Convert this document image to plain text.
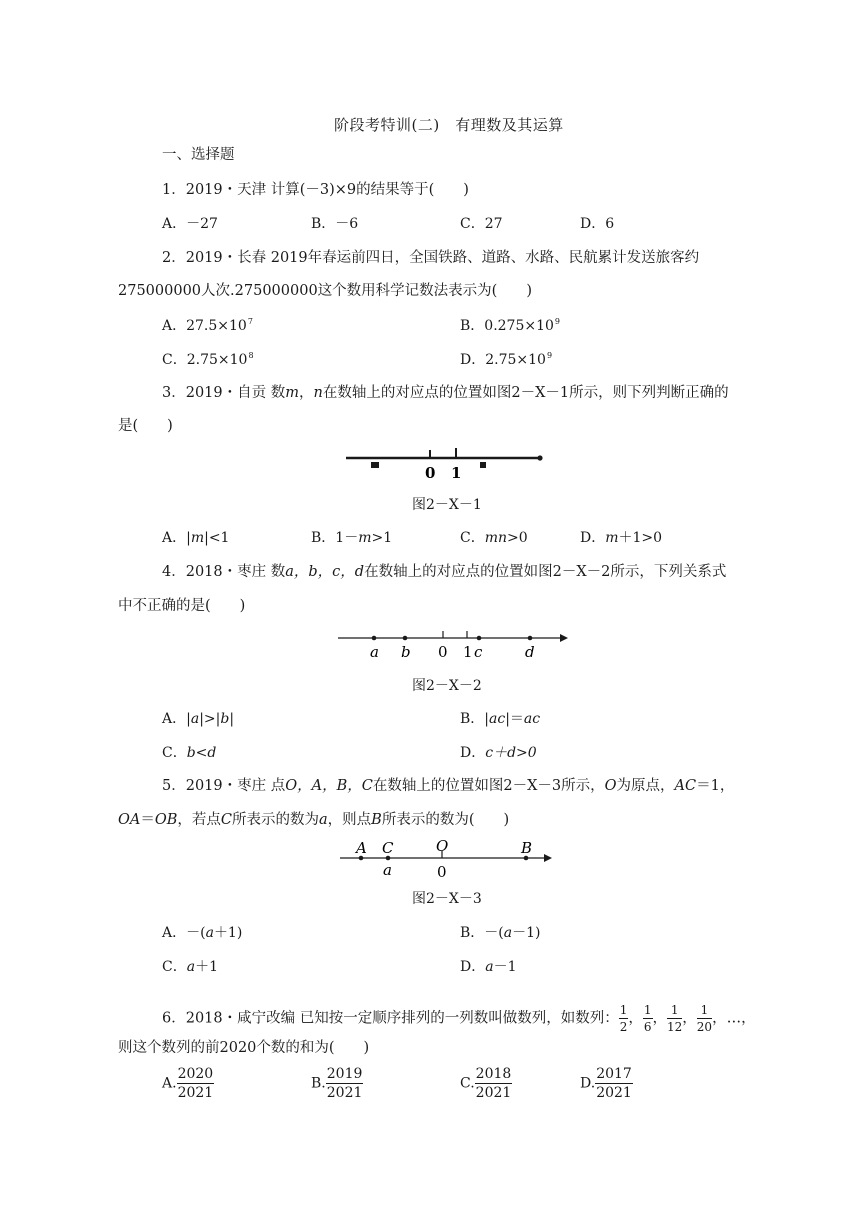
阶段考特训(二)　有理数及其运算
一、选择题
1．2019・天津 计算(－3)×9的结果等于(　　)
A．－27	B．－6	C．27	D．6
2．2019・长春 2019年春运前四日，全国铁路、道路、水路、民航累计发送旅客约
275000000人次.275000000这个数用科学记数法表示为(　　)
A．$27.5\times 10^7$	B．$0.275\times 10^9$
C．$2.75\times 10^8$	D．$2.75\times 10^9$
3．2019・自贡 数m，n在数轴上的对应点的位置如图2－X－1所示，则下列判断正确的
是(　　)
0 1
图2－X－1
A．|m|<1	B．1－m>1	C．mn>0	D．m＋1>0
4．2018・枣庄 数a，b，c，d在数轴上的对应点的位置如图2－X－2所示，下列关系式
中不正确的是(　　)
a b 0 1 c	d
图2－X－2
A．|a|>|b|	B．|ac|＝ac
C．b<d	D．c＋d>0
5．2019・枣庄 点O，A，B，C在数轴上的位置如图2－X－3所示，O为原点，AC＝1，
OA＝OB，若点C所表示的数为a，则点B所表示的数为(　　)
A C	O	B
a	0
图2－X－3
A．－(a＋1)	B．－(a－1)
C．a＋1	D．a－1
6．2018・咸宁改编 已知按一定顺序排列的一列数叫做数列，如数列： $\frac{1}{2}$ ， $\frac{1}{6}$ ， $\frac{1}{12}$ ， $\frac{1}{20}$ ，…，
则这个数列的前2020个数的和为(　　)
A. $\frac{2020}{2021}$	B. $\frac{2019}{2021}$	C. $\frac{2018}{2021}$	D. $\frac{2017}{2021}$
